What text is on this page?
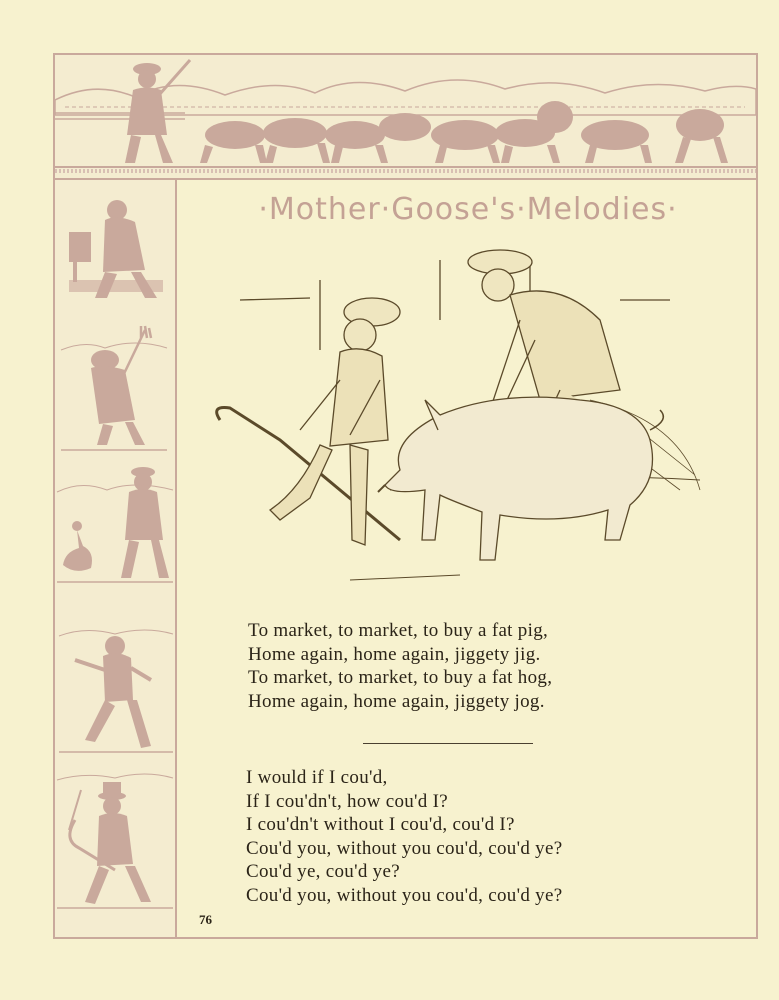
·Mother·Goose's·Melodies·
To market, to market, to buy a fat pig,
Home again, home again, jiggety jig.
To market, to market, to buy a fat hog,
Home again, home again, jiggety jog.
I would if I cou'd,
If I cou'dn't, how cou'd I?
I cou'dn't without I cou'd, cou'd I?
Cou'd you, without you cou'd, cou'd ye?
Cou'd ye, cou'd ye?
Cou'd you, without you cou'd, cou'd ye?
76
